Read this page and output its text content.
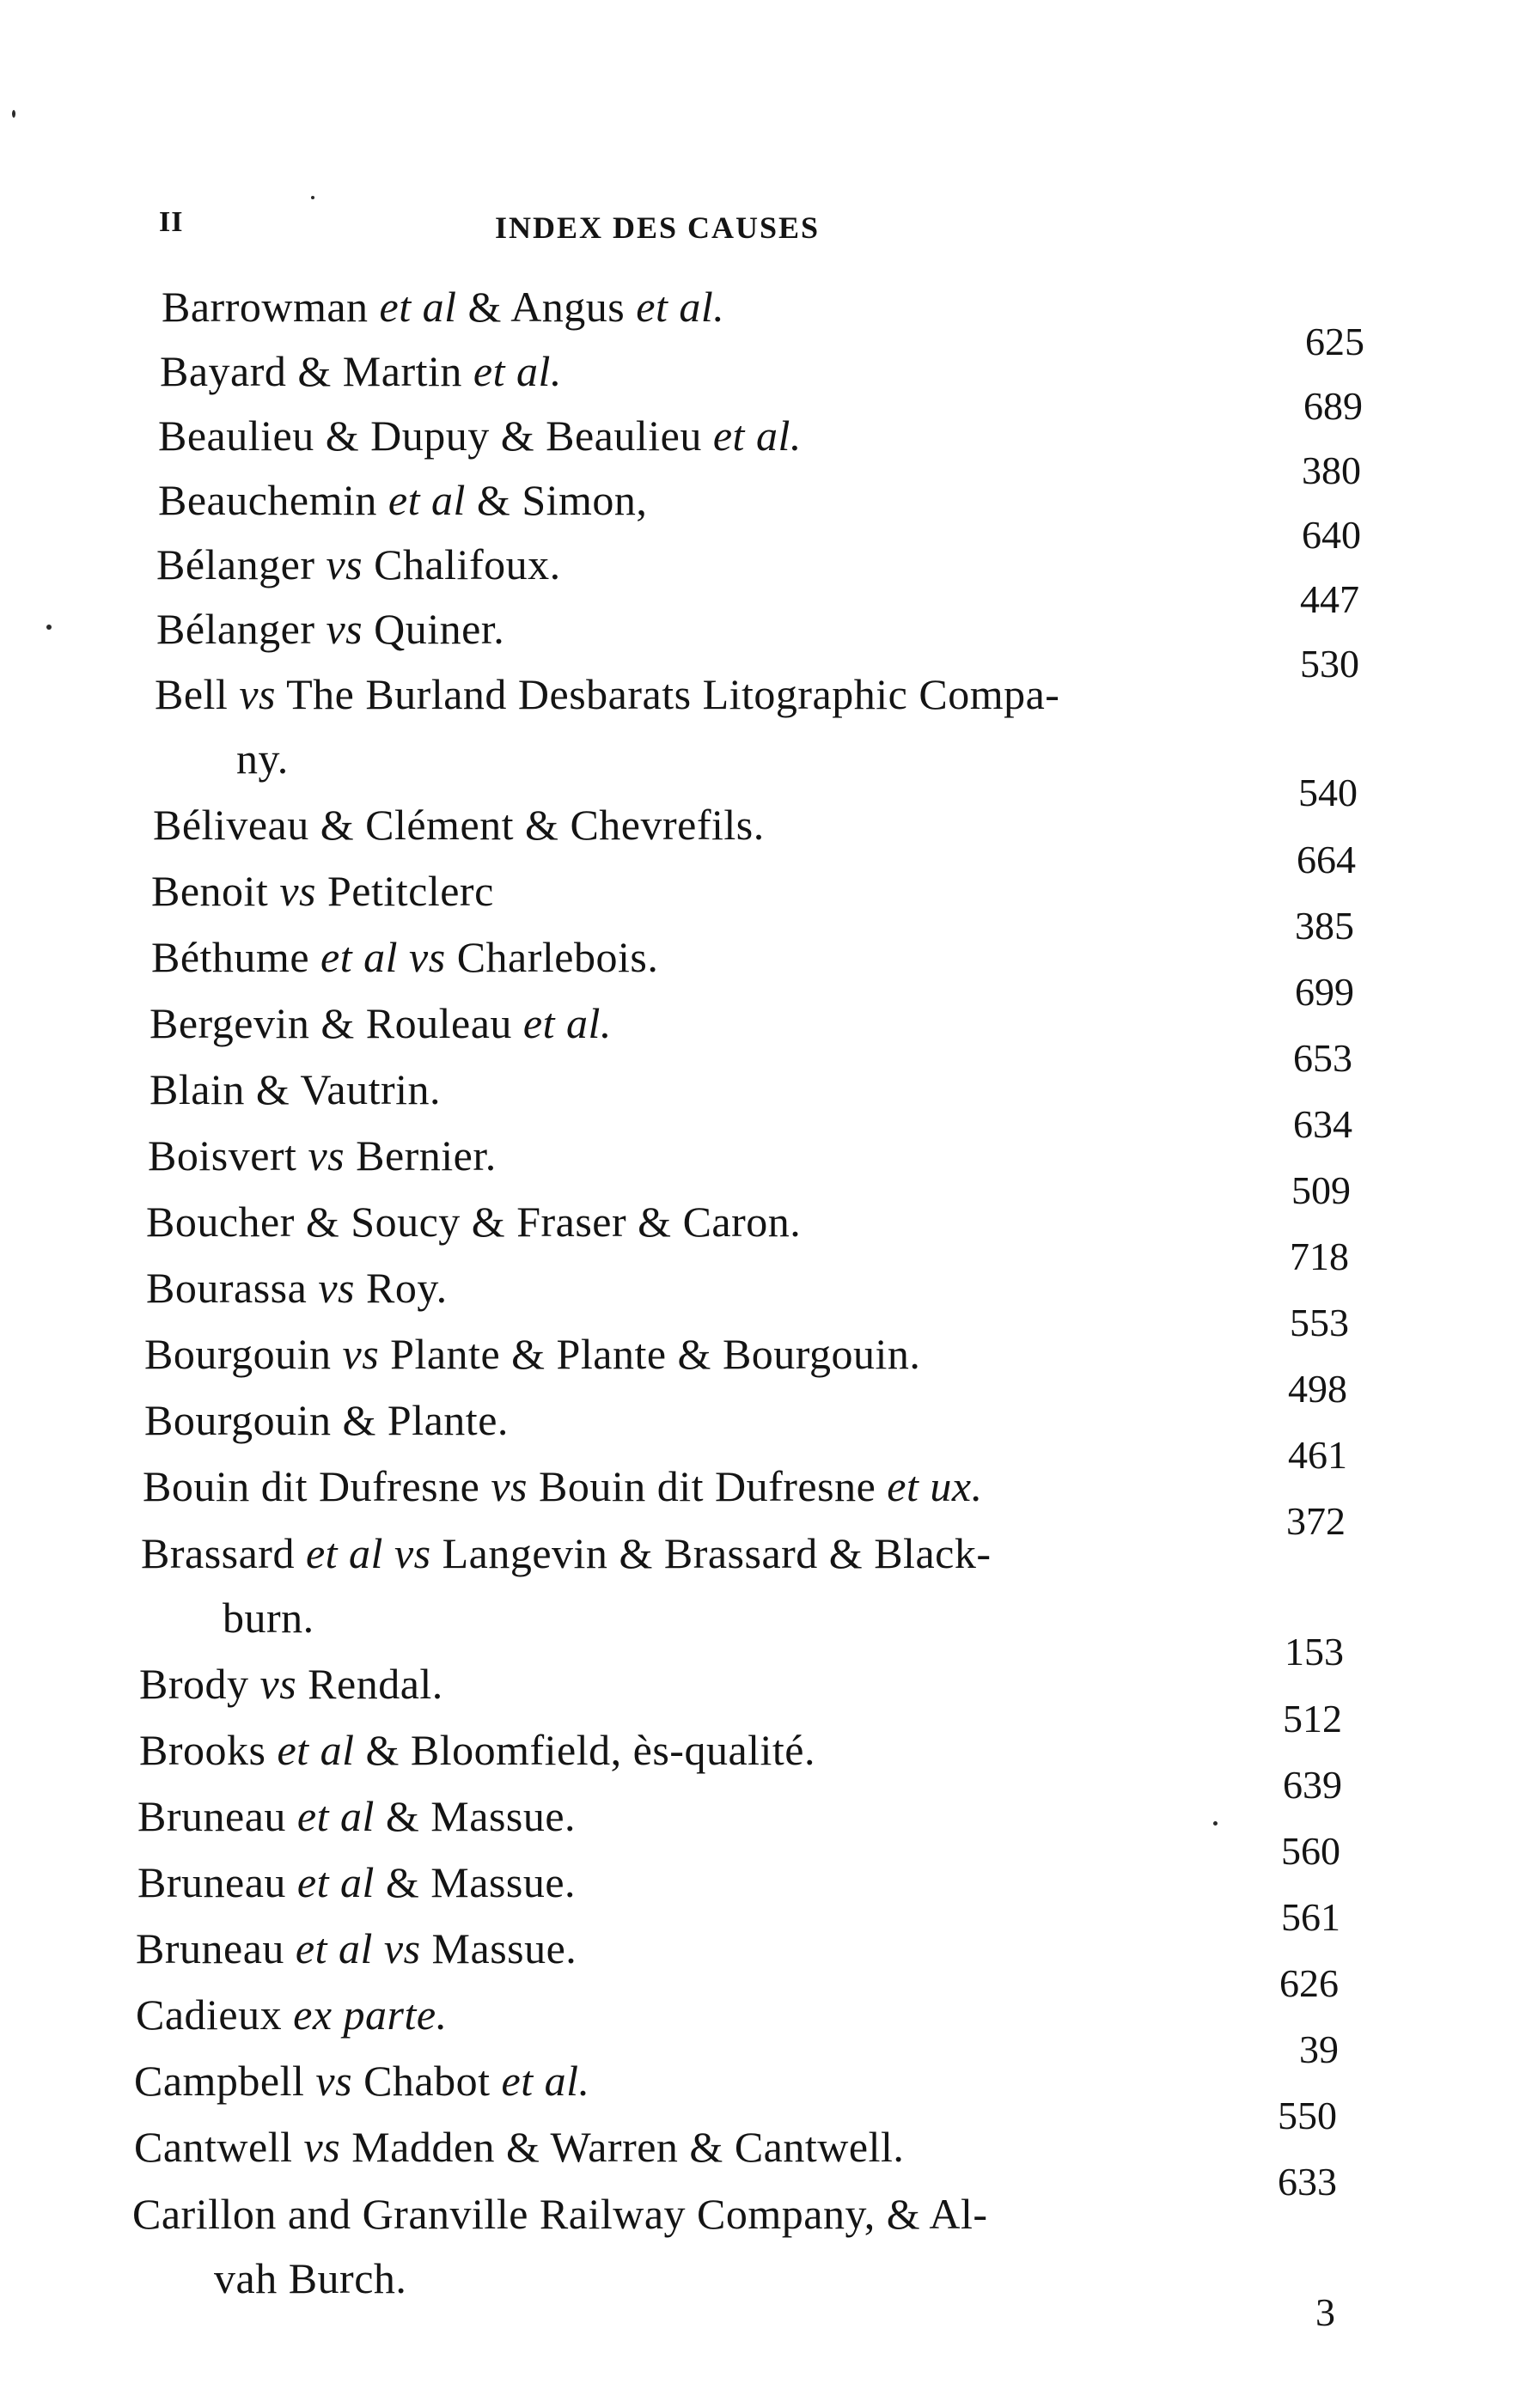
II	INDEX DES CAUSES
Barrowman et al & Angus et al.
625
Bayard & Martin et al.
689
Beaulieu & Dupuy & Beaulieu et al.
380
Beauchemin et al & Simon,
640
Bélanger vs Chalifoux.
447
Bélanger vs Quiner.
530
Bell vs The Burland Desbarats Litographic Compa-
ny.
540
Béliveau & Clément & Chevrefils.
664
Benoit vs Petitclerc
385
Béthume et al vs Charlebois.
699
Bergevin & Rouleau et al.
653
Blain & Vautrin.
634
Boisvert vs Bernier.
509
Boucher & Soucy & Fraser & Caron.
718
Bourassa vs Roy.
553
Bourgouin vs Plante & Plante & Bourgouin.
498
Bourgouin & Plante.
461
Bouin dit Dufresne vs Bouin dit Dufresne et ux.
372
Brassard et al vs Langevin & Brassard & Black-
burn.
153
Brody vs Rendal.
512
Brooks et al & Bloomfield, ès-qualité.
639
Bruneau et al & Massue.
560
Bruneau et al & Massue.
561
Bruneau et al vs Massue.
626
Cadieux ex parte.
39
Campbell vs Chabot et al.
550
Cantwell vs Madden & Warren & Cantwell.
633
Carillon and Granville Railway Company, & Al-
vah Burch.
3
